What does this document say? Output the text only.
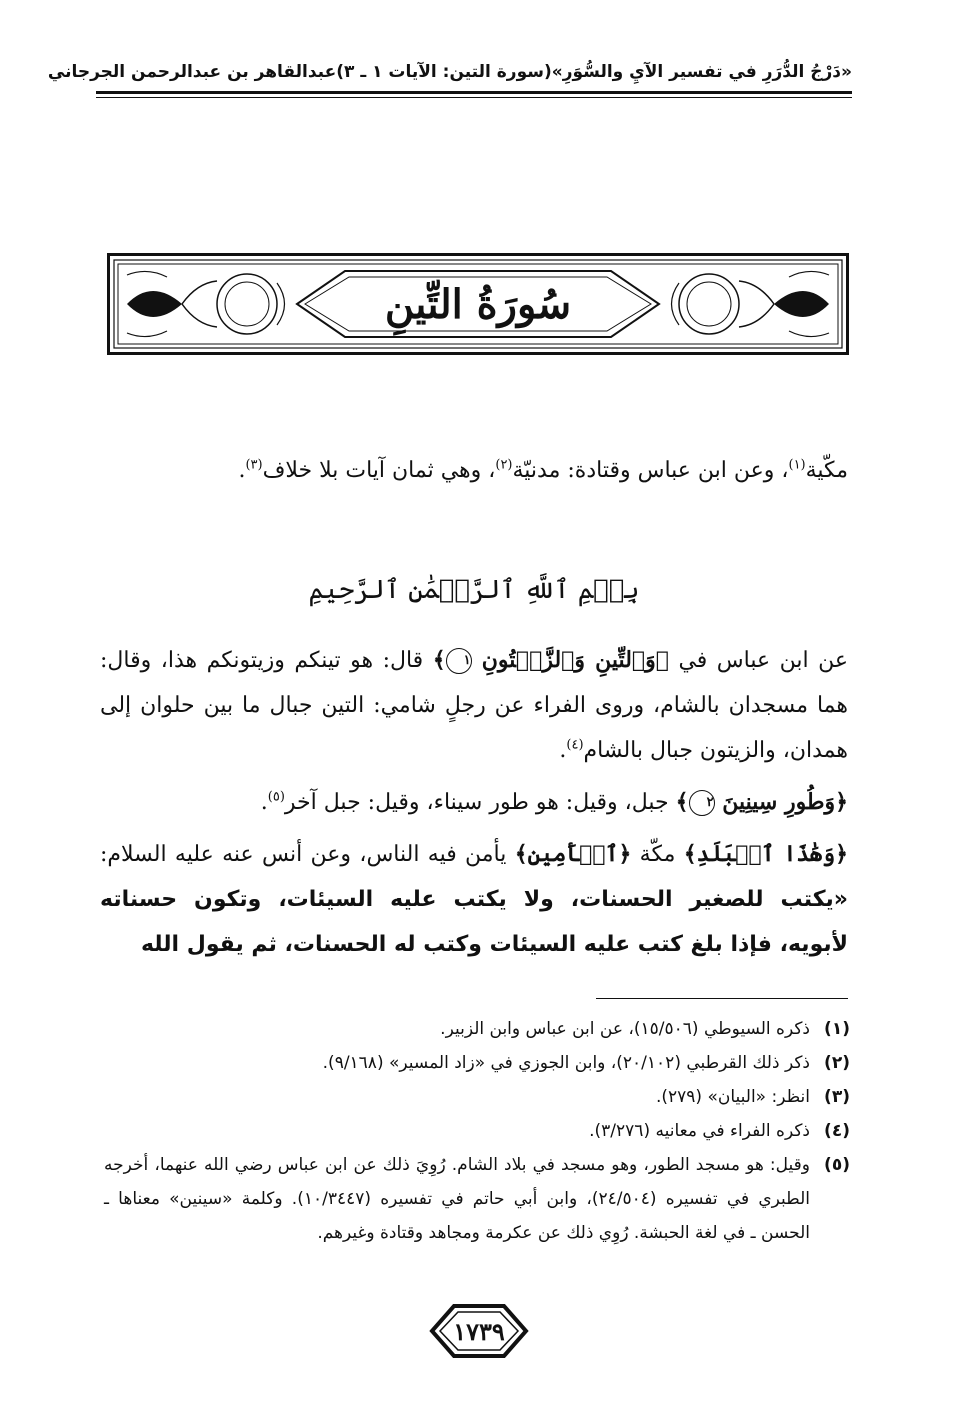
«دَرْجُ الدُّرَرِ في تفسير الآيِ والسُّوَرِ»
(سورة التين: الآيات ١ ـ ٣)
عبدالقاهر بن عبدالرحمن الجرجاني
سُورَةُ التِّينِ
مكّية$^{(١)}$، وعن ابن عباس وقتادة: مدنيّة$^{(٢)}$، وهي ثمان آيات بلا خلاف$^{(٣)}$.
بِسۡمِ ٱللَّهِ ٱلرَّحۡمَٰنِ ٱلرَّحِيمِ
عن ابن عباس في ﴿وَٱلتِّينِ وَٱلزَّيۡتُونِ ١﴾ قال: هو تينكم وزيتونكم هذا، وقال: هما مسجدان بالشام، وروى الفراء عن رجلٍ شامي: التين جبال ما بين حلوان إلى همدان، والزيتون جبال بالشام$^{(٤)}$.
﴿وَطُورِ سِينِينَ ٢﴾ جبل، وقيل: هو طور سيناء، وقيل: جبل آخر$^{(٥)}$.
﴿وَهَٰذَا ٱلۡبَلَدِ﴾ مكّة ﴿ٱلۡأَمِينِ﴾ يأمن فيه الناس، وعن أنس عنه عليه السلام: «يكتب للصغير الحسنات، ولا يكتب عليه السيئات، وتكون حسناته لأبويه، فإذا بلغ كتب عليه السيئات وكتب له الحسنات، ثم يقول الله
(١)
ذكره السيوطي (١٥/٥٠٦)، عن ابن عباس وابن الزبير.
(٢)
ذكر ذلك القرطبي (٢٠/١٠٢)، وابن الجوزي في «زاد المسير» (٩/١٦٨).
(٣)
انظر: «البيان» (٢٧٩).
(٤)
ذكره الفراء في معانيه (٣/٢٧٦).
(٥)
وقيل: هو مسجد الطور، وهو مسجد في بلاد الشام. رُوِيَ ذلك عن ابن عباس رضي الله عنهما، أخرجه الطبري في تفسيره (٢٤/٥٠٤)، وابن أبي حاتم في تفسيره (١٠/٣٤٤٧). وكلمة «سينين» معناها ـ الحسن ـ في لغة الحبشة. رُوِي ذلك عن عكرمة ومجاهد وقتادة وغيرهم.
١٧٣٩
